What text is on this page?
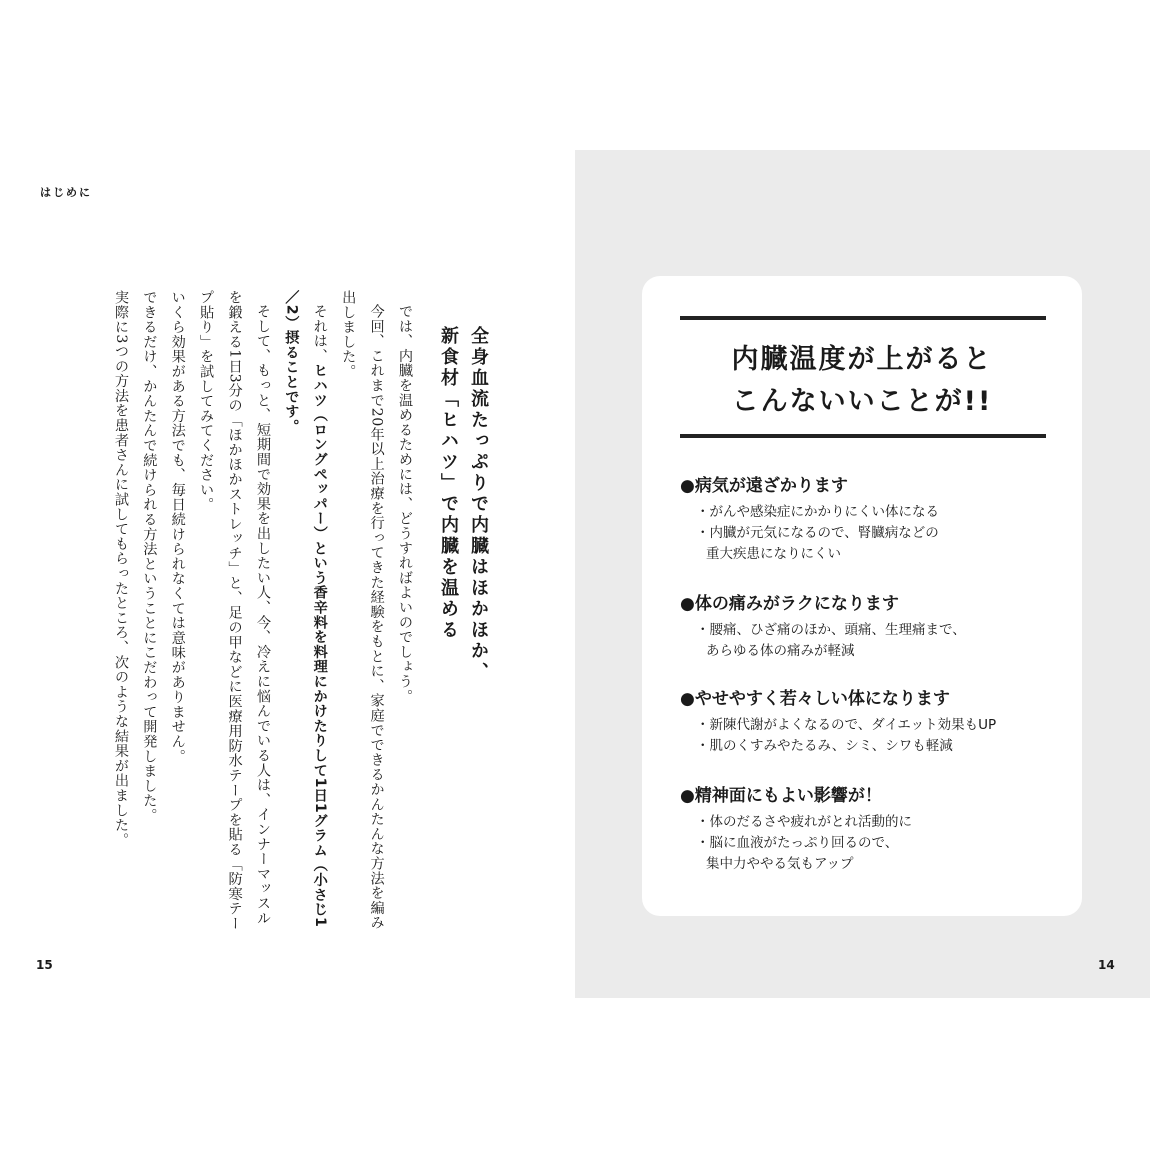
はじめに
全身血流たっぷりで内臓はほかほか、
新食材「ヒハツ」で内臓を温める
では、内臓を温めるためには、どうすればよいのでしょう。
今回、これまで20年以上治療を行ってきた経験をもとに、家庭でできるかんたんな方法を編み出しました。
それは、ヒハツ（ロングペッパー）という香辛料を料理にかけたりして1日1グラム（小さじ1／2）摂ることです。
そして、もっと、短期間で効果を出したい人、今、冷えに悩んでいる人は、インナーマッスルを鍛える1日3分の「ほかほかストレッチ」と、足の甲などに医療用防水テープを貼る「防寒テープ貼り」を試してみてください。
いくら効果がある方法でも、毎日続けられなくては意味がありません。
できるだけ、かんたんで続けられる方法ということにこだわって開発しました。
実際に3つの方法を患者さんに試してもらったところ、次のような結果が出ました。
15	14
内臓温度が上がると
こんないいことが!!

●病気が遠ざかります

・がんや感染症にかかりにくい体になる
・内臓が元気になるので、腎臓病などの
重大疾患になりにくい

●体の痛みがラクになります

・腰痛、ひざ痛のほか、頭痛、生理痛まで、
あらゆる体の痛みが軽減

●やせやすく若々しい体になります

・新陳代謝がよくなるので、ダイエット効果もUP
・肌のくすみやたるみ、シミ、シワも軽減

●精神面にもよい影響が！

・体のだるさや疲れがとれ活動的に
・脳に血液がたっぷり回るので、
集中力ややる気もアップ
